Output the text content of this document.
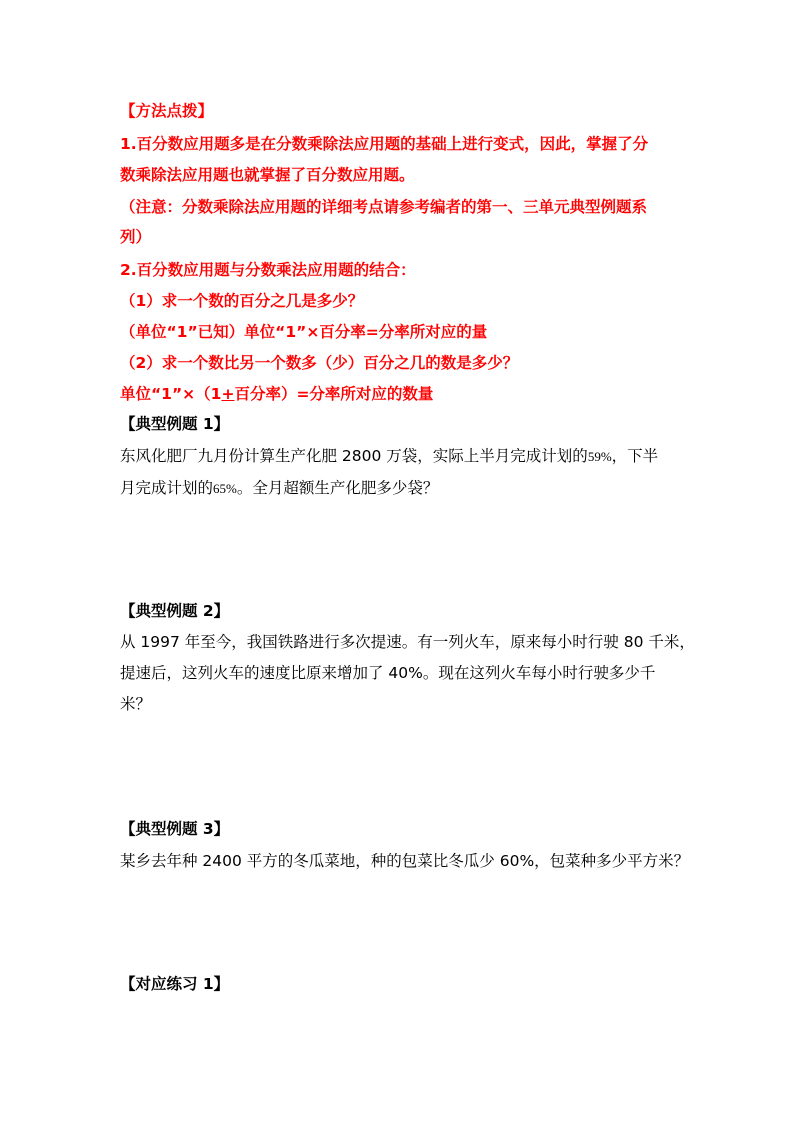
【方法点拨】
1.百分数应用题多是在分数乘除法应用题的基础上进行变式，因此，掌握了分
数乘除法应用题也就掌握了百分数应用题。
（注意：分数乘除法应用题的详细考点请参考编者的第一、三单元典型例题系
列）
2.百分数应用题与分数乘法应用题的结合：
（1）求一个数的百分之几是多少？
（单位“1”已知）单位“1”×百分率=分率所对应的量
（2）求一个数比另一个数多（少）百分之几的数是多少？
单位“1”×（1+百分率）=分率所对应的数量
【典型例题 1】
东风化肥厂九月份计算生产化肥 2800 万袋，实际上半月完成计划的59%，下半
月完成计划的65%。全月超额生产化肥多少袋？
【典型例题 2】
从 1997 年至今，我国铁路进行多次提速。有一列火车，原来每小时行驶 80 千米，
提速后，这列火车的速度比原来增加了 40%。现在这列火车每小时行驶多少千
米？
【典型例题 3】
某乡去年种 2400 平方的冬瓜菜地，种的包菜比冬瓜少 60%，包菜种多少平方米？
【对应练习 1】
